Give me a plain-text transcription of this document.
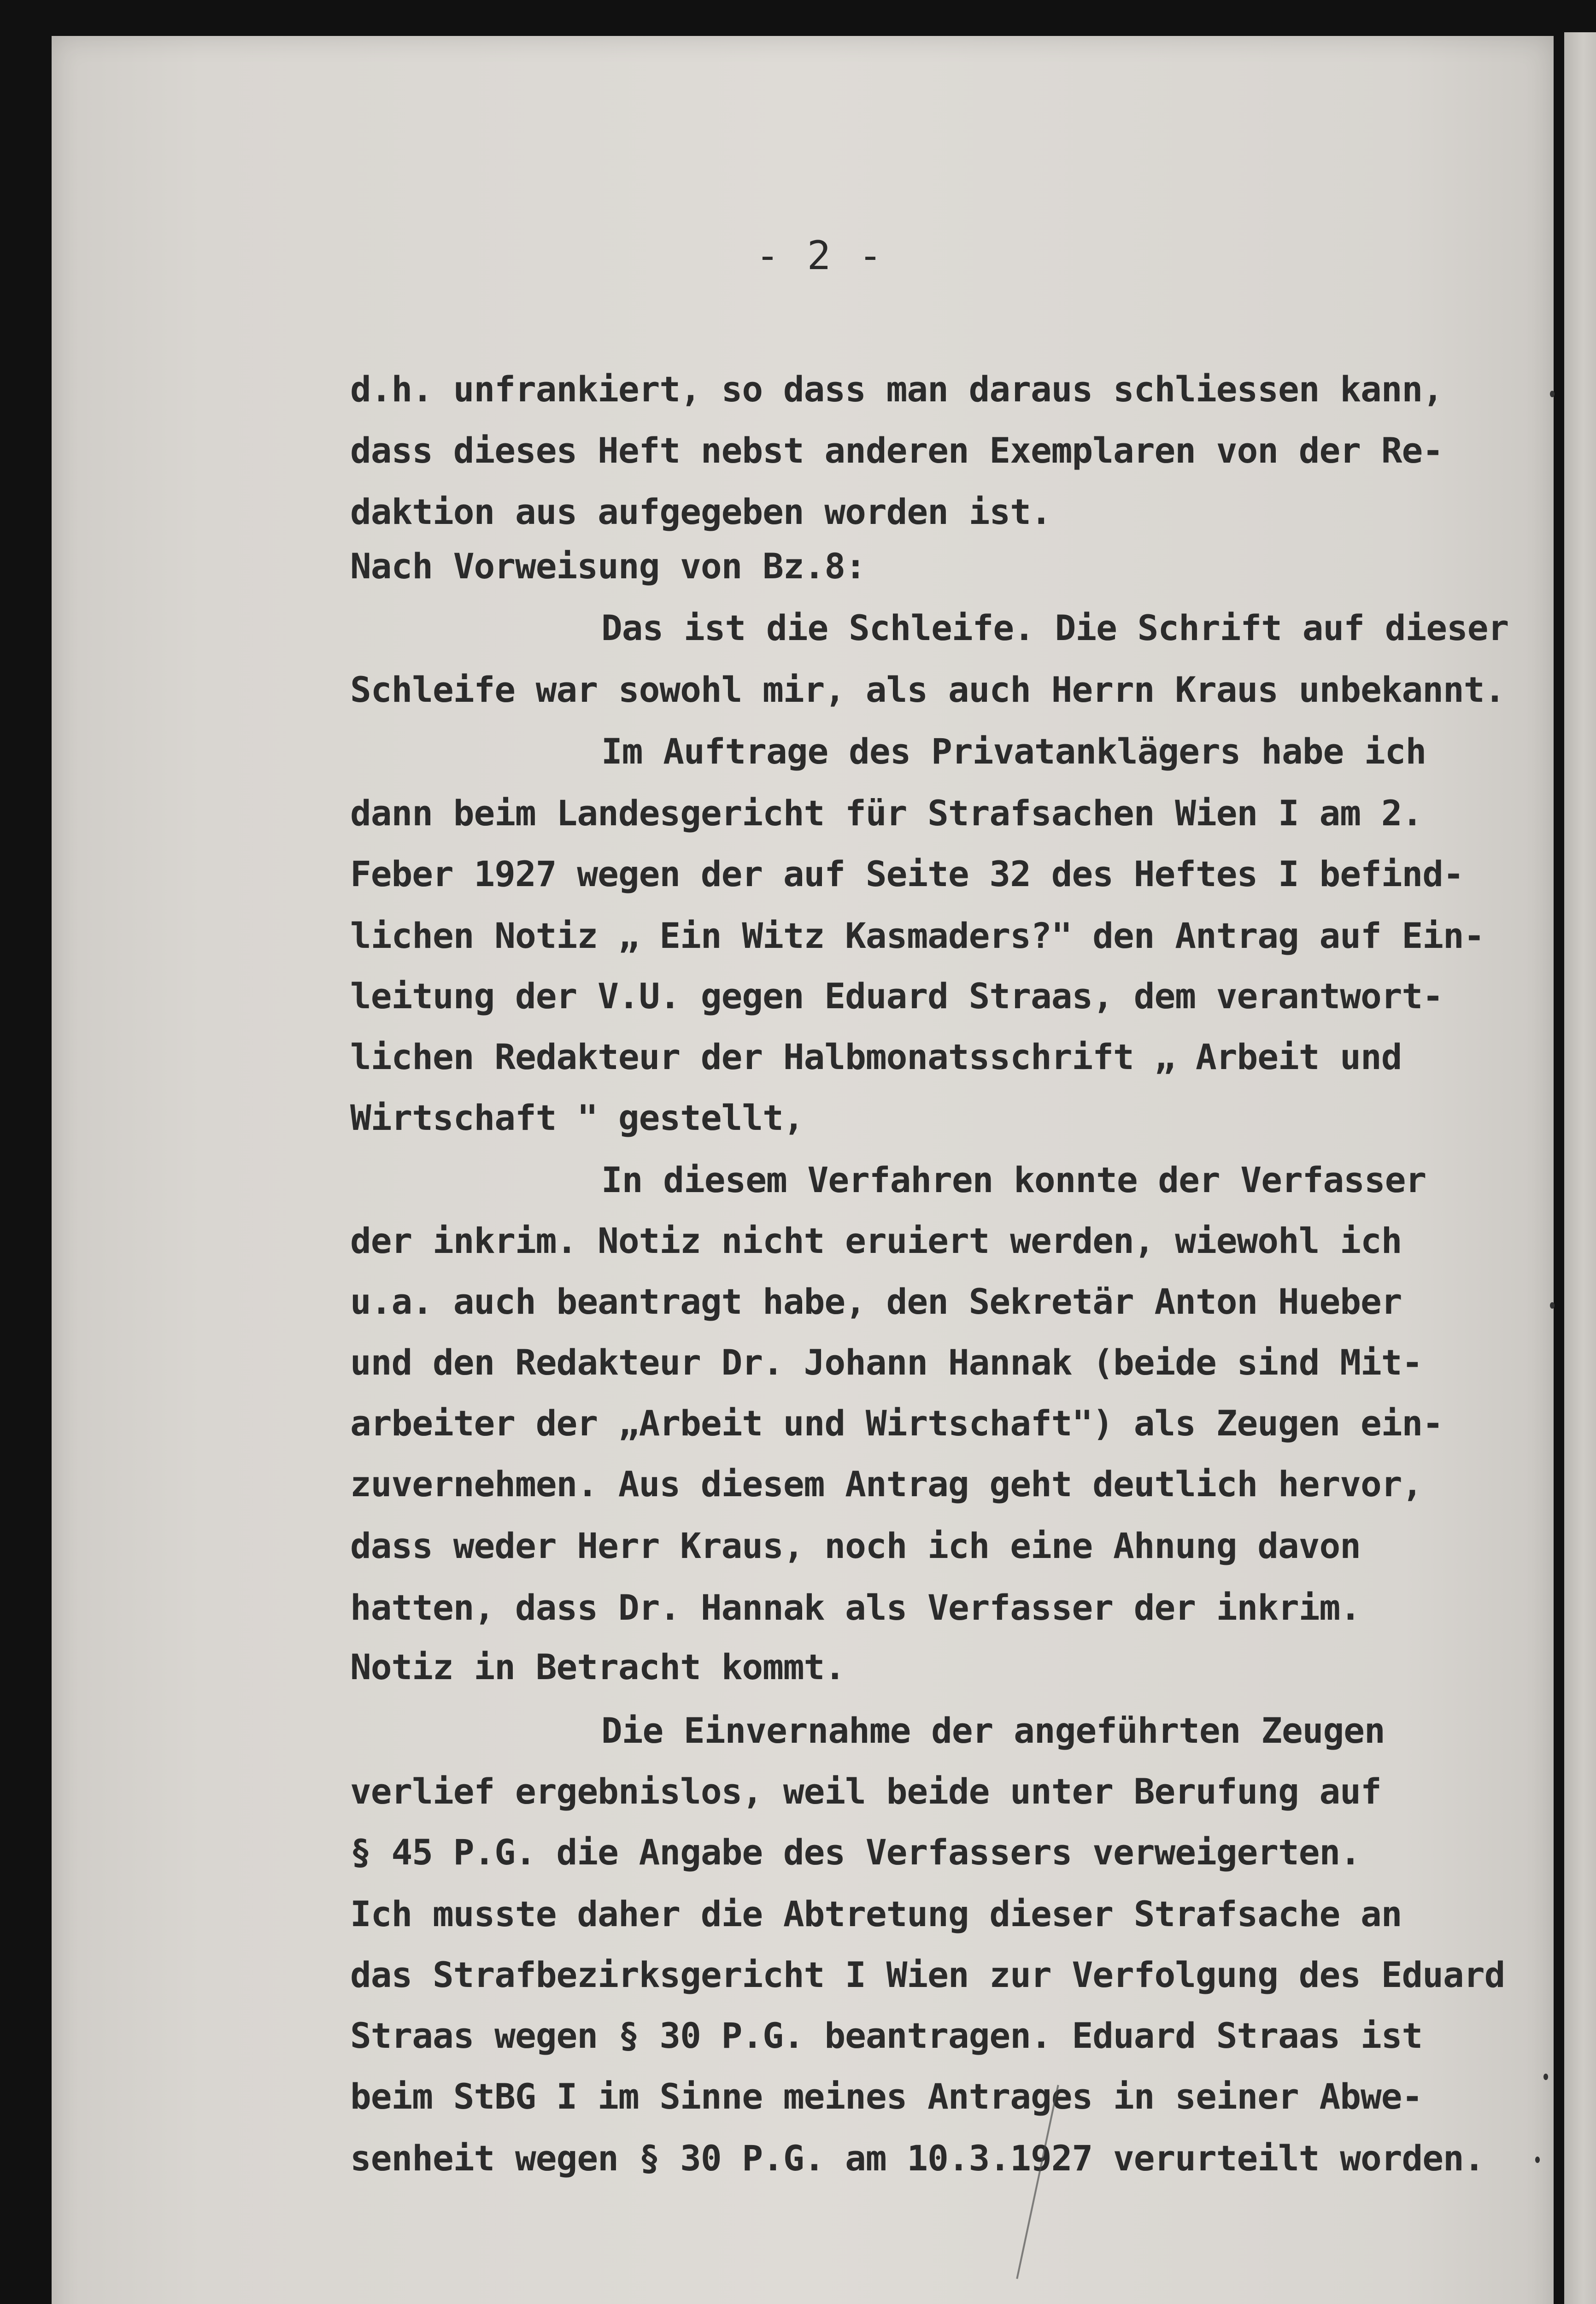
- 2 -
d.h. unfrankiert, so dass man daraus schliessen kann,
dass dieses Heft nebst anderen Exemplaren von der Re-
daktion aus aufgegeben worden ist.
Nach Vorweisung von Bz.8:
Das ist die Schleife. Die Schrift auf dieser
Schleife war sowohl mir, als auch Herrn Kraus unbekannt.
Im Auftrage des Privatanklägers habe ich
dann beim Landesgericht für Strafsachen Wien I am 2.
Feber 1927 wegen der auf Seite 32 des Heftes I befind-
lichen Notiz „ Ein Witz Kasmaders?" den Antrag auf Ein-
leitung der V.U. gegen Eduard Straas, dem verantwort-
lichen Redakteur der Halbmonatsschrift „ Arbeit und
Wirtschaft " gestellt,
In diesem Verfahren konnte der Verfasser
der inkrim. Notiz nicht eruiert werden, wiewohl ich
u.a. auch beantragt habe, den Sekretär Anton Hueber
und den Redakteur Dr. Johann Hannak (beide sind Mit-
arbeiter der „Arbeit und Wirtschaft") als Zeugen ein-
zuvernehmen. Aus diesem Antrag geht deutlich hervor,
dass weder Herr Kraus, noch ich eine Ahnung davon
hatten, dass Dr. Hannak als Verfasser der inkrim.
Notiz in Betracht kommt.
Die Einvernahme der angeführten Zeugen
verlief ergebnislos, weil beide unter Berufung auf
§ 45 P.G. die Angabe des Verfassers verweigerten.
Ich musste daher die Abtretung dieser Strafsache an
das Strafbezirksgericht I Wien zur Verfolgung des Eduard
Straas wegen § 30 P.G. beantragen. Eduard Straas ist
beim StBG I im Sinne meines Antrages in seiner Abwe-
senheit wegen § 30 P.G. am 10.3.1927 verurteilt worden.
